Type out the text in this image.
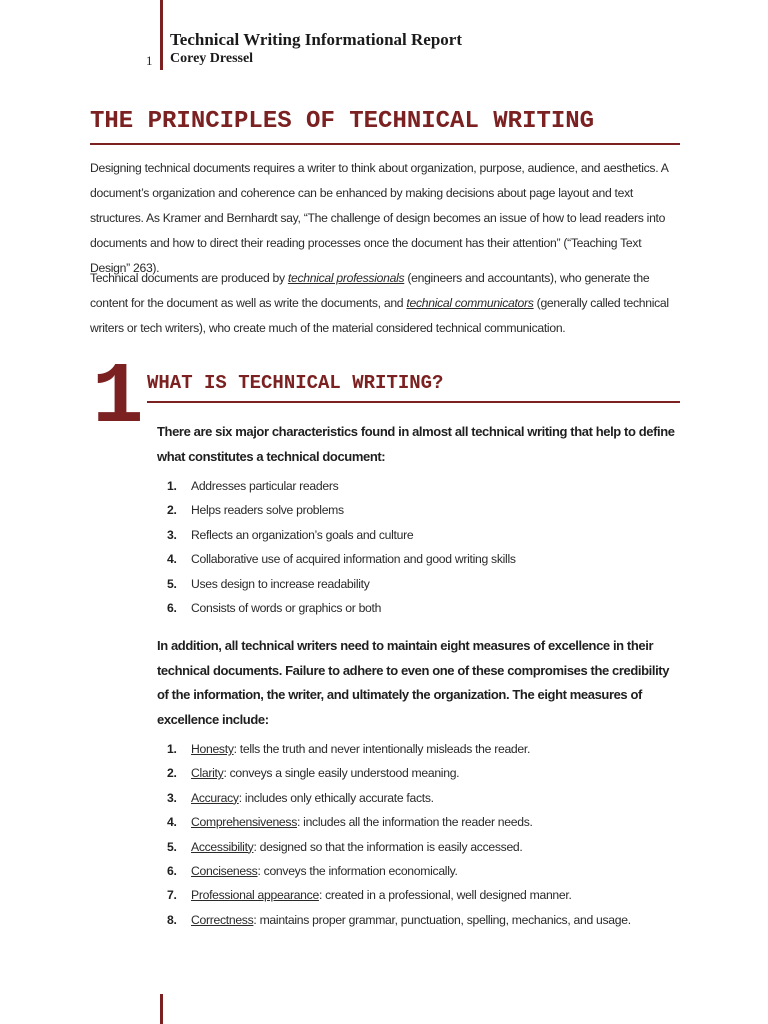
1
Technical Writing Informational Report
Corey Dressel
THE PRINCIPLES OF TECHNICAL WRITING
Designing technical documents requires a writer to think about organization, purpose, audience, and aesthetics. A document’s organization and coherence can be enhanced by making decisions about page layout and text structures. As Kramer and Bernhardt say, “The challenge of design becomes an issue of how to lead readers into documents and how to direct their reading processes once the document has their attention” (“Teaching Text Design” 263).
Technical documents are produced by technical professionals (engineers and accountants), who generate the content for the document as well as write the documents, and technical communicators (generally called technical writers or tech writers), who create much of the material considered technical communication.
1 WHAT IS TECHNICAL WRITING?
There are six major characteristics found in almost all technical writing that help to define what constitutes a technical document:
1. Addresses particular readers
2. Helps readers solve problems
3. Reflects an organization’s goals and culture
4. Collaborative use of acquired information and good writing skills
5. Uses design to increase readability
6. Consists of words or graphics or both
In addition, all technical writers need to maintain eight measures of excellence in their technical documents. Failure to adhere to even one of these compromises the credibility of the information, the writer, and ultimately the organization. The eight measures of excellence include:
1. Honesty: tells the truth and never intentionally misleads the reader.
2. Clarity: conveys a single easily understood meaning.
3. Accuracy: includes only ethically accurate facts.
4. Comprehensiveness: includes all the information the reader needs.
5. Accessibility: designed so that the information is easily accessed.
6. Conciseness: conveys the information economically.
7. Professional appearance: created in a professional, well designed manner.
8. Correctness: maintains proper grammar, punctuation, spelling, mechanics, and usage.
